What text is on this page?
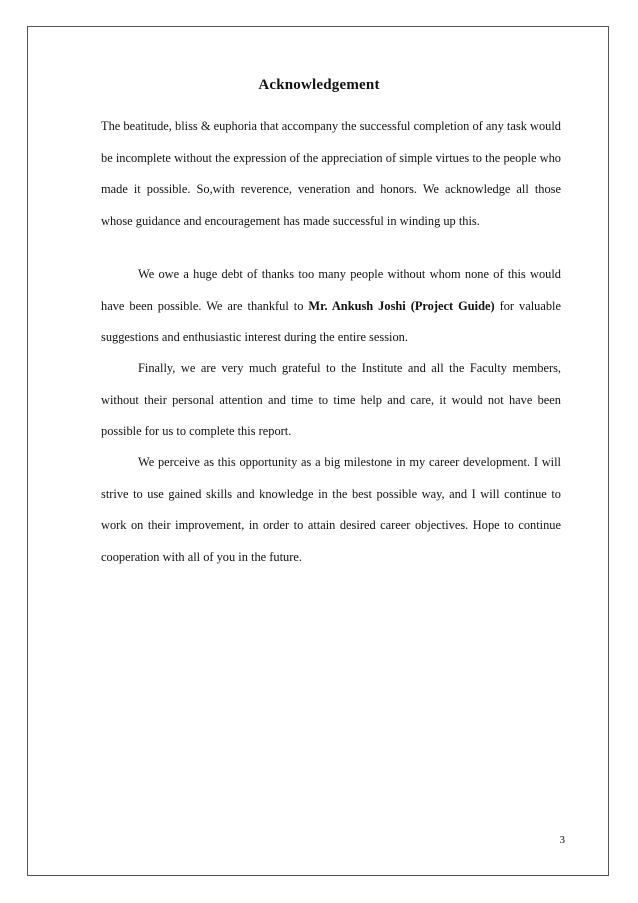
Acknowledgement

The beatitude, bliss & euphoria that accompany the successful completion of any task would be incomplete without the expression of the appreciation of simple virtues to the people who made it possible. So,with reverence, veneration and honors. We acknowledge all those whose guidance and encouragement has made successful in winding up this.

We owe a huge debt of thanks too many people without whom none of this would have been possible. We are thankful to Mr. Ankush Joshi (Project Guide) for valuable suggestions and enthusiastic interest during the entire session.

Finally, we are very much grateful to the Institute and all the Faculty members, without their personal attention and time to time help and care, it would not have been possible for us to complete this report.

We perceive as this opportunity as a big milestone in my career development. I will strive to use gained skills and knowledge in the best possible way, and I will continue to work on their improvement, in order to attain desired career objectives. Hope to continue cooperation with all of you in the future.

3
